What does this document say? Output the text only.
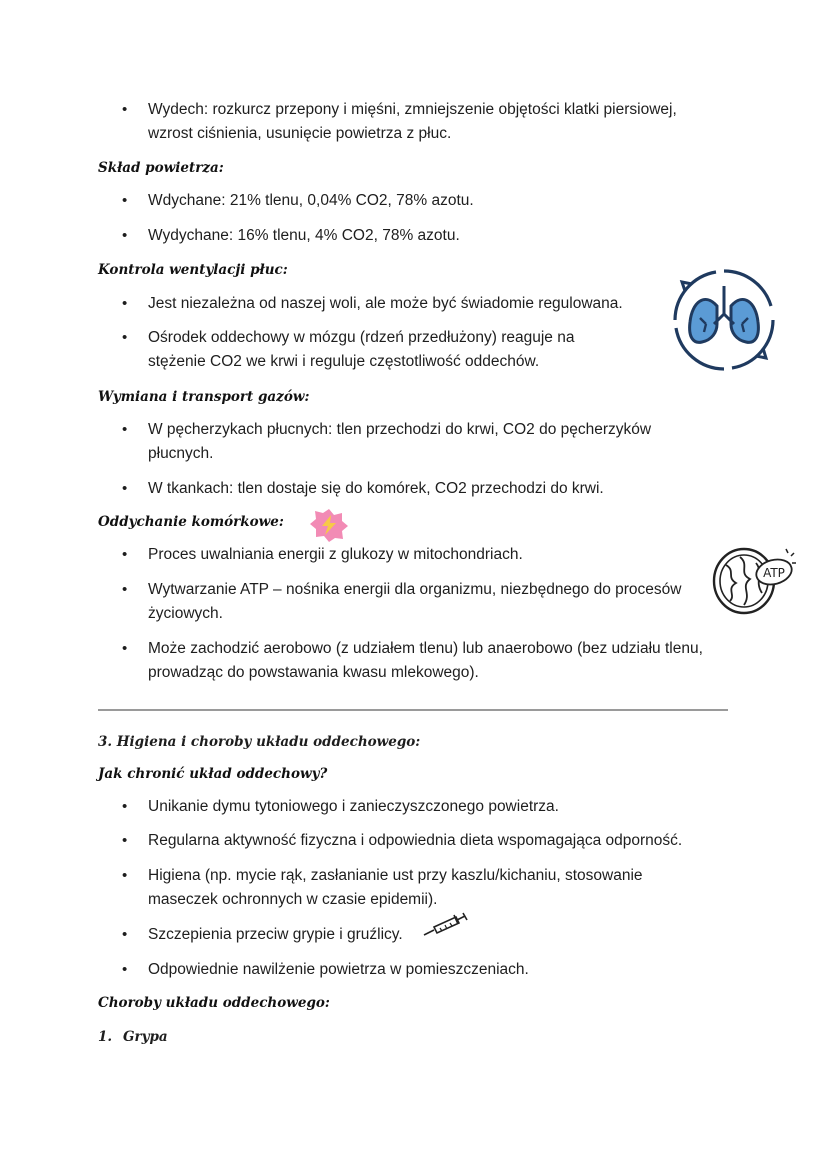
• Wydech: rozkurcz przepony i mięśni, zmniejszenie objętości klatki piersiowej, wzrost ciśnienia, usunięcie powietrza z płuc.
Skład powietrza:
• Wdychane: 21% tlenu, 0,04% CO2, 78% azotu.
• Wydychane: 16% tlenu, 4% CO2, 78% azotu.
Kontrola wentylacji płuc:
• Jest niezależna od naszej woli, ale może być świadomie regulowana.
• Ośrodek oddechowy w mózgu (rdzeń przedłużony) reaguje na stężenie CO2 we krwi i reguluje częstotliwość oddechów.
Wymiana i transport gazów:
• W pęcherzykach płucnych: tlen przechodzi do krwi, CO2 do pęcherzyków płucnych.
• W tkankach: tlen dostaje się do komórek, CO2 przechodzi do krwi.
Oddychanie komórkowe:
• Proces uwalniania energii z glukozy w mitochondriach.
• Wytwarzanie ATP – nośnika energii dla organizmu, niezbędnego do procesów życiowych.
• Może zachodzić aerobowo (z udziałem tlenu) lub anaerobowo (bez udziału tlenu, prowadząc do powstawania kwasu mlekowego).
3. Higiena i choroby układu oddechowego:
Jak chronić układ oddechowy?
• Unikanie dymu tytoniowego i zanieczyszczonego powietrza.
• Regularna aktywność fizyczna i odpowiednia dieta wspomagająca odporność.
• Higiena (np. mycie rąk, zasłanianie ust przy kaszlu/kichaniu, stosowanie maseczek ochronnych w czasie epidemii).
• Szczepienia przeciw grypie i gruźlicy.
• Odpowiednie nawilżenie powietrza w pomieszczeniach.
Choroby układu oddechowego:
1. Grypa
ATP
